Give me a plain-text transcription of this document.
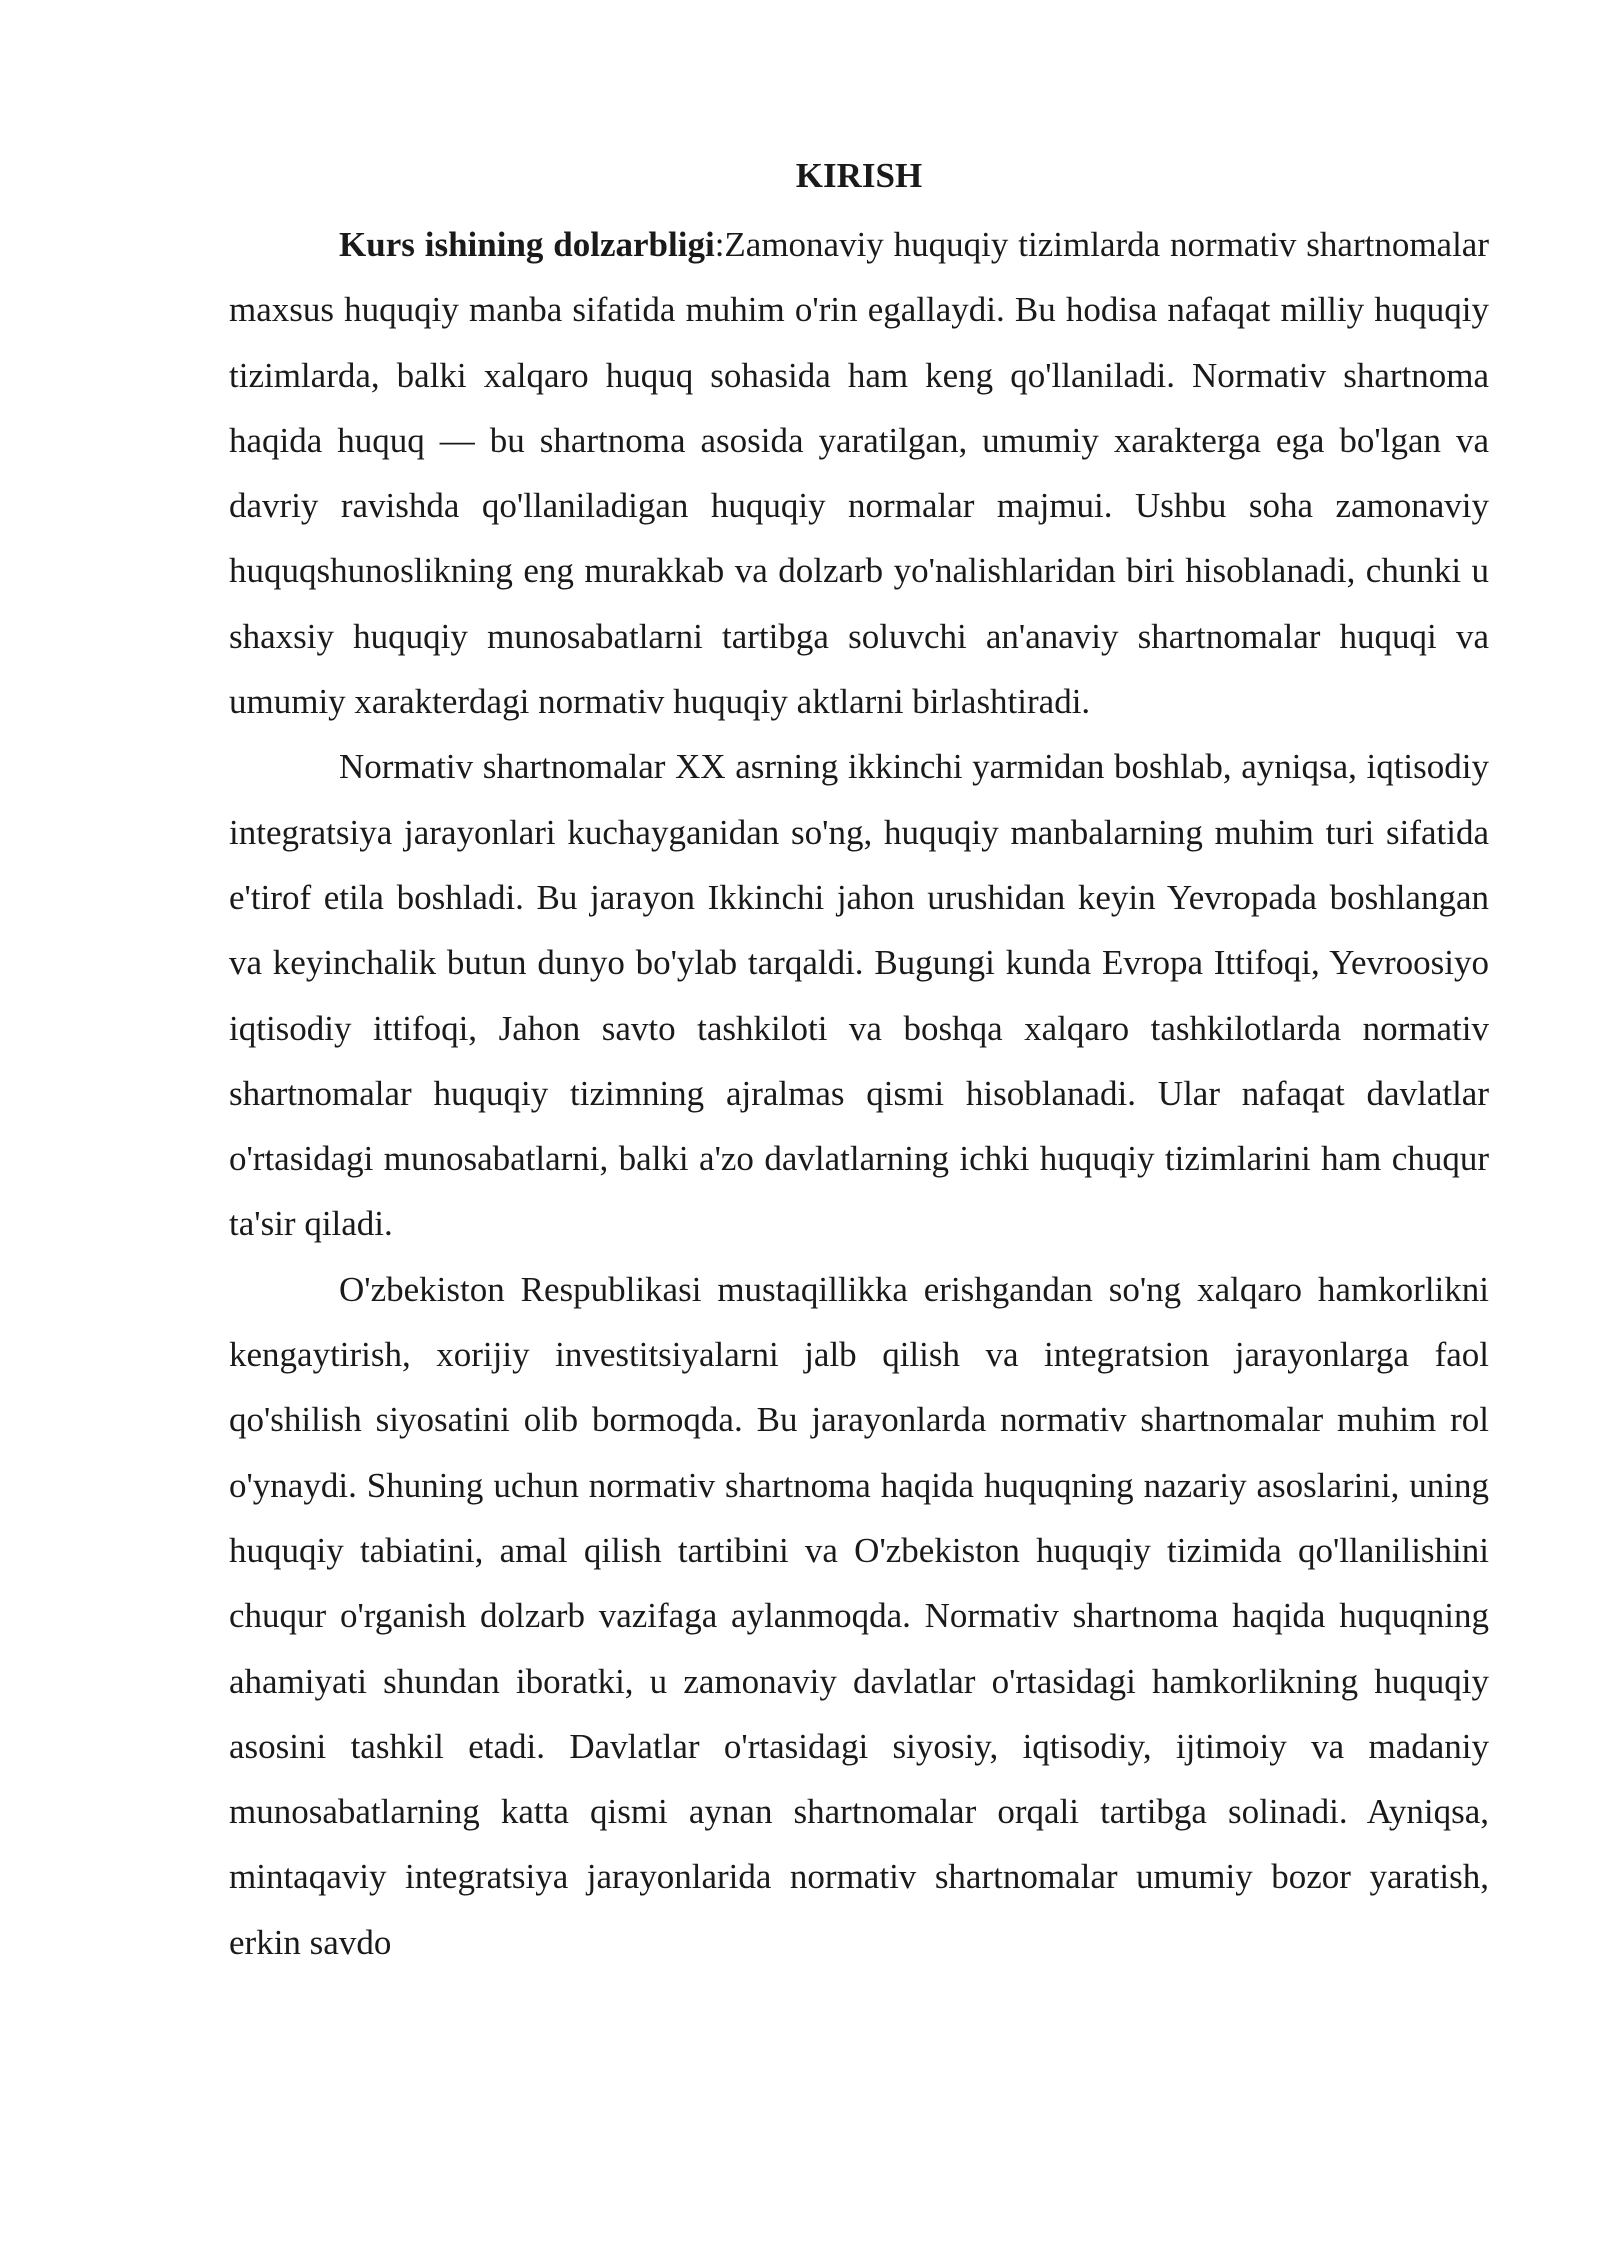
KIRISH

Kurs ishining dolzarbligi:Zamonaviy huquqiy tizimlarda normativ shartnomalar maxsus huquqiy manba sifatida muhim o'rin egallaydi. Bu hodisa nafaqat milliy huquqiy tizimlarda, balki xalqaro huquq sohasida ham keng qo'llaniladi. Normativ shartnoma haqida huquq — bu shartnoma asosida yaratilgan, umumiy xarakterga ega bo'lgan va davriy ravishda qo'llaniladigan huquqiy normalar majmui. Ushbu soha zamonaviy huquqshunoslikning eng murakkab va dolzarb yo'nalishlaridan biri hisoblanadi, chunki u shaxsiy huquqiy munosabatlarni tartibga soluvchi an'anaviy shartnomalar huquqi va umumiy xarakterdagi normativ huquqiy aktlarni birlashtiradi.

Normativ shartnomalar XX asrning ikkinchi yarmidan boshlab, ayniqsa, iqtisodiy integratsiya jarayonlari kuchayganidan so'ng, huquqiy manbalarning muhim turi sifatida e'tirof etila boshladi. Bu jarayon Ikkinchi jahon urushidan keyin Yevropada boshlangan va keyinchalik butun dunyo bo'ylab tarqaldi. Bugungi kunda Evropa Ittifoqi, Yevroosiyo iqtisodiy ittifoqi, Jahon savto tashkiloti va boshqa xalqaro tashkilotlarda normativ shartnomalar huquqiy tizimning ajralmas qismi hisoblanadi. Ular nafaqat davlatlar o'rtasidagi munosabatlarni, balki a'zo davlatlarning ichki huquqiy tizimlarini ham chuqur ta'sir qiladi.

O'zbekiston Respublikasi mustaqillikka erishgandan so'ng xalqaro hamkorlikni kengaytirish, xorijiy investitsiyalarni jalb qilish va integratsion jarayonlarga faol qo'shilish siyosatini olib bormoqda. Bu jarayonlarda normativ shartnomalar muhim rol o'ynaydi. Shuning uchun normativ shartnoma haqida huquqning nazariy asoslarini, uning huquqiy tabiatini, amal qilish tartibini va O'zbekiston huquqiy tizimida qo'llanilishini chuqur o'rganish dolzarb vazifaga aylanmoqda. Normativ shartnoma haqida huquqning ahamiyati shundan iboratki, u zamonaviy davlatlar o'rtasidagi hamkorlikning huquqiy asosini tashkil etadi. Davlatlar o'rtasidagi siyosiy, iqtisodiy, ijtimoiy va madaniy munosabatlarning katta qismi aynan shartnomalar orqali tartibga solinadi. Ayniqsa, mintaqaviy integratsiya jarayonlarida normativ shartnomalar umumiy bozor yaratish, erkin savdo
